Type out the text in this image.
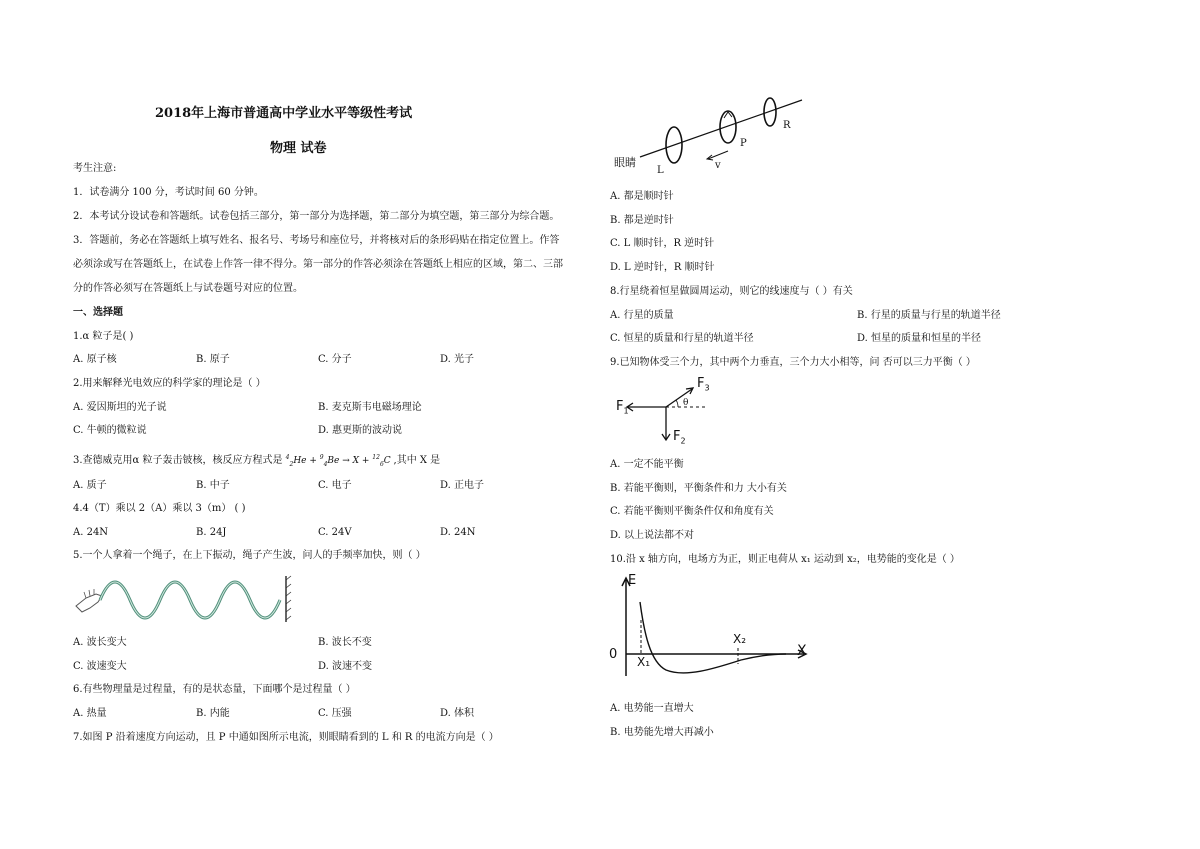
2018年上海市普通高中学业水平等级性考试
物理 试卷
考生注意:
1．试卷满分 100 分，考试时间 60 分钟。
2．本考试分设试卷和答题纸。试卷包括三部分，第一部分为选择题，第二部分为填空题，第三部分为综合题。
3．答题前，务必在答题纸上填写姓名、报名号、考场号和座位号，并将核对后的条形码贴在指定位置上。作答
必须涂或写在答题纸上，在试卷上作答一律不得分。第一部分的作答必须涂在答题纸上相应的区域，第二、三部
分的作答必须写在答题纸上与试卷题号对应的位置。
一、选择题
1.α 粒子是( )
A. 原子核	B. 原子	C. 分子	D. 光子
2.用来解释光电效应的科学家的理论是（ ）
A. 爱因斯坦的光子说	B. 麦克斯韦电磁场理论
C. 牛顿的微粒说	D. 惠更斯的波动说
3.查德威克用α 粒子轰击铍核，核反应方程式是 $^4_2$He + $^9_4$Be → X + $^{12}_6$C ,其中 X 是
A. 质子	B. 中子	C. 电子	D. 正电子
4.4（T）乘以 2（A）乘以 3（m） ( )
A. 24N	B. 24J	C. 24V	D. 24N
5.一个人拿着一个绳子，在上下振动，绳子产生波，问人的手频率加快，则（ ）
A. 波长变大	B. 波长不变
C. 波速变大	D. 波速不变
6.有些物理量是过程量，有的是状态量，下面哪个是过程量（ ）
A. 热量	B. 内能	C. 压强	D. 体积
7.如图 P 沿着速度方向运动，且 P 中通如图所示电流，则眼睛看到的 L 和 R 的电流方向是（ ）
眼睛
L
P
R
v
A. 都是顺时针
B. 都是逆时针
C. L 顺时针，R 逆时针
D. L 逆时针，R 顺时针
8.行星绕着恒星做圆周运动，则它的线速度与（ ）有关
A. 行星的质量	B. 行星的质量与行星的轨道半径
C. 恒星的质量和行星的轨道半径	D. 恒星的质量和恒星的半径
9.已知物体受三个力，其中两个力垂直，三个力大小相等，问 否可以三力平衡（ ）
$F_1$
$F_2$
$F_3$
θ
A. 一定不能平衡
B. 若能平衡则，平衡条件和力 大小有关
C. 若能平衡则平衡条件仅和角度有关
D. 以上说法都不对
10.沿 x 轴方向，电场方为正，则正电荷从 x₁ 运动到 x₂，电势能的变化是（ ）
E
0	X
X₁
X₂
A. 电势能一直增大
B. 电势能先增大再减小
